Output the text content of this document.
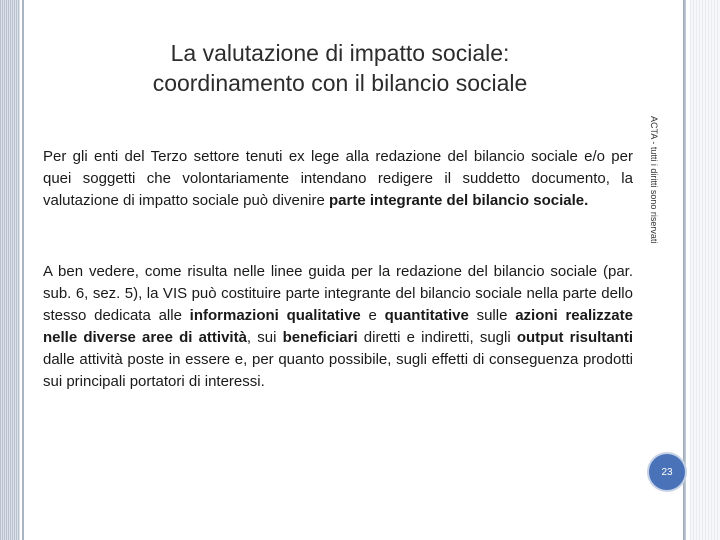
La valutazione di impatto sociale:
coordinamento con il bilancio sociale
ACTA - tutti i diritti sono riservati

Per gli enti del Terzo settore tenuti ex lege alla redazione del bilancio sociale e/o per quei soggetti che volontariamente intendano redigere il suddetto documento, la valutazione di impatto sociale può divenire parte integrante del bilancio sociale.

A ben vedere, come risulta nelle linee guida per la redazione del bilancio sociale (par. sub. 6, sez. 5), la VIS può costituire parte integrante del bilancio sociale nella parte dello stesso dedicata alle informazioni qualitative e quantitative sulle azioni realizzate nelle diverse aree di attività, sui beneficiari diretti e indiretti, sugli output risultanti dalle attività poste in essere e, per quanto possibile, sugli effetti di conseguenza prodotti sui principali portatori di interessi.

23
